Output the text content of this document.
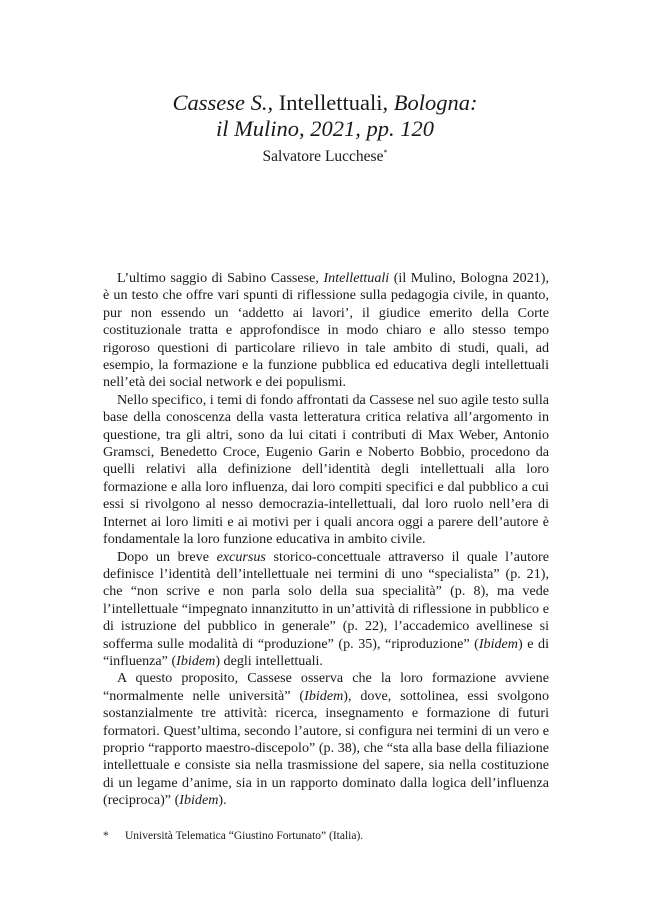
Cassese S., Intellettuali, Bologna:
il Mulino, 2021, pp. 120
Salvatore Lucchese*

L’ultimo saggio di Sabino Cassese, Intellettuali (il Mulino, Bologna 2021), è un testo che offre vari spunti di riflessione sulla pedagogia civile, in quanto, pur non essendo un ‘addetto ai lavori’, il giudice emerito della Corte costituzionale tratta e approfondisce in modo chiaro e allo stesso tempo rigoroso questioni di particolare rilievo in tale ambito di studi, quali, ad esempio, la formazione e la funzione pubblica ed educativa degli intellettuali nell’età dei social network e dei populismi.

Nello specifico, i temi di fondo affrontati da Cassese nel suo agile testo sulla base della conoscenza della vasta letteratura critica relativa all’argomento in questione, tra gli altri, sono da lui citati i contributi di Max Weber, Antonio Gramsci, Benedetto Croce, Eugenio Garin e Noberto Bobbio, procedono da quelli relativi alla definizione dell’identità degli intellettuali alla loro formazione e alla loro influenza, dai loro compiti specifici e dal pubblico a cui essi si rivolgono al nesso democrazia-intellettuali, dal loro ruolo nell’era di Internet ai loro limiti e ai motivi per i quali ancora oggi a parere dell’autore è fondamentale la loro funzione educativa in ambito civile.

Dopo un breve excursus storico-concettuale attraverso il quale l’autore definisce l’identità dell’intellettuale nei termini di uno “specialista” (p. 21), che “non scrive e non parla solo della sua specialità” (p. 8), ma vede l’intellettuale “impegnato innanzitutto in un’attività di riflessione in pubblico e di istruzione del pubblico in generale” (p. 22), l’accademico avellinese si sofferma sulle modalità di “produzione” (p. 35), “riproduzione” (Ibidem) e di “influenza” (Ibidem) degli intellettuali.

A questo proposito, Cassese osserva che la loro formazione avviene “normalmente nelle università” (Ibidem), dove, sottolinea, essi svolgono sostanzialmente tre attività: ricerca, insegnamento e formazione di futuri formatori. Quest’ultima, secondo l’autore, si configura nei termini di un vero e proprio “rapporto maestro-discepolo” (p. 38), che “sta alla base della filiazione intellettuale e consiste sia nella trasmissione del sapere, sia nella costituzione di un legame d’anime, sia in un rapporto dominato dalla logica dell’influenza (reciproca)” (Ibidem).

* Università Telematica “Giustino Fortunato” (Italia).
